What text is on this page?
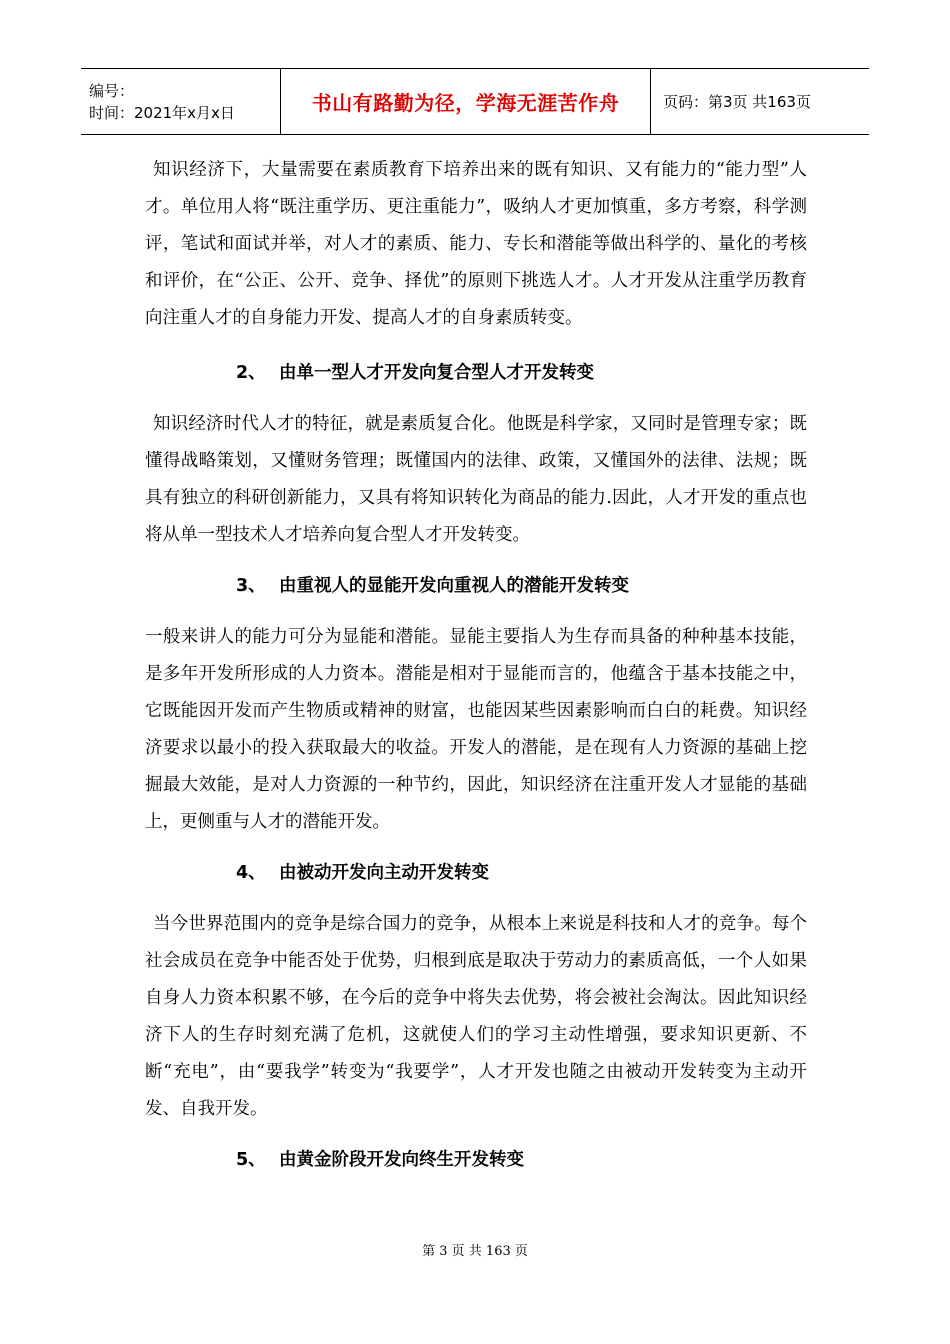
编号：
时间：2021年x月x日	书山有路勤为径，学海无涯苦作舟	页码：第3页 共163页

知识经济下，大量需要在素质教育下培养出来的既有知识、又有能力的“能力型”人才。单位用人将“既注重学历、更注重能力”，吸纳人才更加慎重，多方考察，科学测评，笔试和面试并举，对人才的素质、能力、专长和潜能等做出科学的、量化的考核和评价，在“公正、公开、竞争、择优”的原则下挑选人才。人才开发从注重学历教育向注重人才的自身能力开发、提高人才的自身素质转变。

2、 由单一型人才开发向复合型人才开发转变

知识经济时代人才的特征，就是素质复合化。他既是科学家，又同时是管理专家；既懂得战略策划，又懂财务管理；既懂国内的法律、政策，又懂国外的法律、法规；既具有独立的科研创新能力，又具有将知识转化为商品的能力.因此，人才开发的重点也将从单一型技术人才培养向复合型人才开发转变。

3、 由重视人的显能开发向重视人的潜能开发转变

一般来讲人的能力可分为显能和潜能。显能主要指人为生存而具备的种种基本技能，是多年开发所形成的人力资本。潜能是相对于显能而言的，他蕴含于基本技能之中，它既能因开发而产生物质或精神的财富，也能因某些因素影响而白白的耗费。知识经济要求以最小的投入获取最大的收益。开发人的潜能，是在现有人力资源的基础上挖掘最大效能，是对人力资源的一种节约，因此，知识经济在注重开发人才显能的基础上，更侧重与人才的潜能开发。

4、 由被动开发向主动开发转变

当今世界范围内的竞争是综合国力的竞争，从根本上来说是科技和人才的竞争。每个社会成员在竞争中能否处于优势，归根到底是取决于劳动力的素质高低，一个人如果自身人力资本积累不够，在今后的竞争中将失去优势，将会被社会淘汰。因此知识经济下人的生存时刻充满了危机，这就使人们的学习主动性增强，要求知识更新、不断“充电”，由“要我学”转变为“我要学”，人才开发也随之由被动开发转变为主动开发、自我开发。

5、 由黄金阶段开发向终生开发转变

第 3 页 共 163 页
